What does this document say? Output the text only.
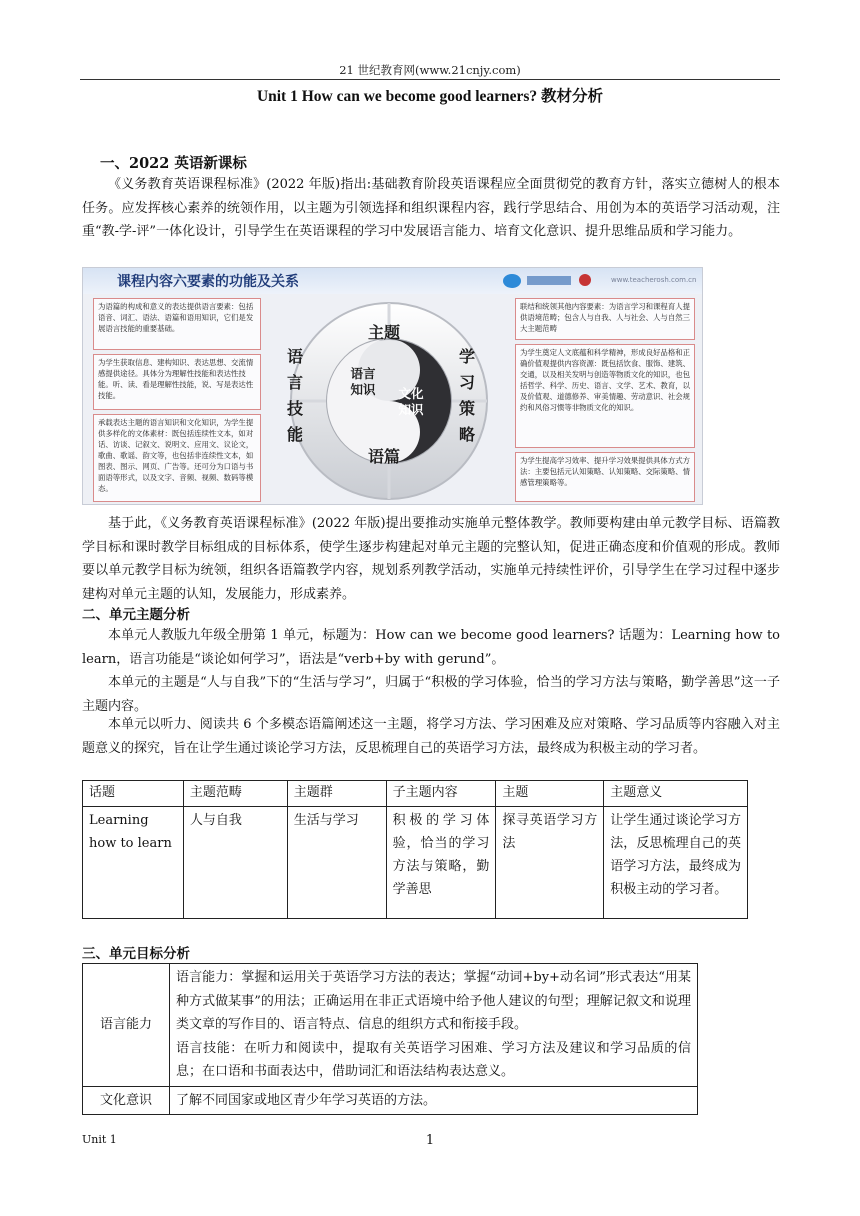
21 世纪教育网(www.21cnjy.com)
Unit 1 How can we become good learners? 教材分析
一、2022 英语新课标
《义务教育英语课程标准》(2022 年版)指出:基础教育阶段英语课程应全面贯彻党的教育方针，落实立德树人的根本任务。应发挥核心素养的统领作用，以主题为引领选择和组织课程内容，践行学思结合、用创为本的英语学习活动观，注重“教-学-评”一体化设计，引导学生在英语课程的学习中发展语言能力、培育文化意识、提升思维品质和学习能力。
课程内容六要素的功能及关系	www.teacherosh.com.cn
为语篇的构成和意义的表达提供语言要素：包括语音、词汇、语法、语篇和语用知识，它们是发展语言技能的重要基础。
为学生获取信息、建构知识、表达思想、交流情感提供途径。具体分为理解性技能和表达性技能。听、读、看是理解性技能，说、写是表达性技能。
承载表达主题的语言知识和文化知识，为学生提供多样化的文体素材：既包括连续性文本，如对话、访谈、记叙文、说明文、应用文、议论文，歌曲、歌谣、韵文等，也包括非连续性文本，如图表、图示、网页、广告等。还可分为口语与书面语等形式，以及文字、音频、视频、数码等模态。
联结和统领其他内容要素：为语言学习和课程育人提供语境范畴；包含人与自我、人与社会、人与自然三大主题范畴
为学生奠定人文底蕴和科学精神，形成良好品格和正确价值观提供内容资源：既包括饮食、服饰、建筑、交通，以及相关发明与创造等物质文化的知识，也包括哲学、科学、历史、语言、文学、艺术、教育，以及价值观、道德修养、审美情趣、劳动意识、社会规约和风俗习惯等非物质文化的知识。
为学生提高学习效率、提升学习效果提供具体方式方法：主要包括元认知策略、认知策略、交际策略、情感管理策略等。
主题
语篇
语言技能
学习策略
语言知识 文化知识
基于此，《义务教育英语课程标准》(2022 年版)提出要推动实施单元整体教学。教师要构建由单元教学目标、语篇教学目标和课时教学目标组成的目标体系，使学生逐步构建起对单元主题的完整认知，促进正确态度和价值观的形成。教师要以单元教学目标为统领，组织各语篇教学内容，规划系列教学活动，实施单元持续性评价，引导学生在学习过程中逐步建构对单元主题的认知，发展能力，形成素养。
二、单元主题分析
本单元人教版九年级全册第 1 单元，标题为：How can we become good learners? 话题为：Learning how to learn，语言功能是“谈论如何学习”，语法是“verb+by with gerund”。
本单元的主题是“人与自我”下的“生活与学习”，归属于“积极的学习体验，恰当的学习方法与策略，勤学善思”这一子主题内容。
本单元以听力、阅读共 6 个多模态语篇阐述这一主题，将学习方法、学习困难及应对策略、学习品质等内容融入对主题意义的探究，旨在让学生通过谈论学习方法，反思梳理自己的英语学习方法，最终成为积极主动的学习者。
话题	主题范畴	主题群	子主题内容	主题	主题意义
Learning how to learn	人与自我	生活与学习	积极的学习体验，恰当的学习方法与策略，勤学善思	探寻英语学习方法	让学生通过谈论学习方法，反思梳理自己的英语学习方法，最终成为积极主动的学习者。
三、单元目标分析
语言能力	语言能力：掌握和运用关于英语学习方法的表达；掌握“动词+by+动名词”形式表达“用某种方式做某事”的用法；正确运用在非正式语境中给予他人建议的句型；理解记叙文和说理类文章的写作目的、语言特点、信息的组织方式和衔接手段。
语言技能：在听力和阅读中，提取有关英语学习困难、学习方法及建议和学习品质的信息；在口语和书面表达中，借助词汇和语法结构表达意义。

文化意识	了解不同国家或地区青少年学习英语的方法。
Unit 1	1
